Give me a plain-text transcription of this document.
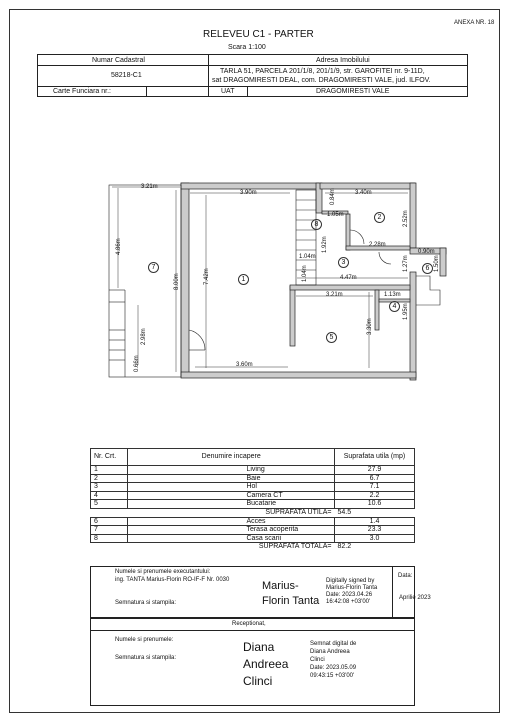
ANEXA NR. 18
RELEVEU C1 - PARTER
Scara 1:100
Numar Cadastral	Adresa Imobilului
58218-C1
TARLA 51, PARCELA 201/1/8, 201/1/9, str. GAROFITEI nr. 9-11D,
sat DRAGOMIRESTI DEAL, com. DRAGOMIRESTI VALE, jud. ILFOV.
Carte Funciara nr.:	UAT	DRAGOMIRESTI VALE
3.21m
3.90m	3.40m
0.84m
1.05m	2.52m
2.28m
1.92m
1.04m
0.90m
1.50m
4.47m
1.27m
4.86m
8.00m	7.42m
3.21m	1.13m
1.95m
3.30m
2.98m
0.66m	3.60m
1.04m
1
2
3
4
5
6
7
8
Nr. Crt.	Denumire incapere	Suprafata utila (mp)
1	Living	27.9
2	Baie	6.7
3	Hol	7.1
4	Camera CT	2.2
5	Bucatarie	10.6
	SUPRAFATA UTILA=	54.5
6	Acces	1.4
7	Terasa acoperita	23.3
8	Casa scarii	3.0
	SUPRAFATA TOTALA=	82.2
Numele si prenumele executantului:
ing. TANTA Marius-Florin RO-IF-F Nr. 0030
Semnatura si stampila:
Data:
Aprilie 2023
Marius-
Florin Tanta
Digitally signed by
Marius-Florin Tanta
Date: 2023.04.26
16:42:08 +03'00'
Receptionat,
Numele si prenumele:
Semnatura si stampila:
Diana
Andreea
Clinci
Semnat digital de
Diana Andreea
Clinci
Date: 2023.05.09
09:43:15 +03'00'
